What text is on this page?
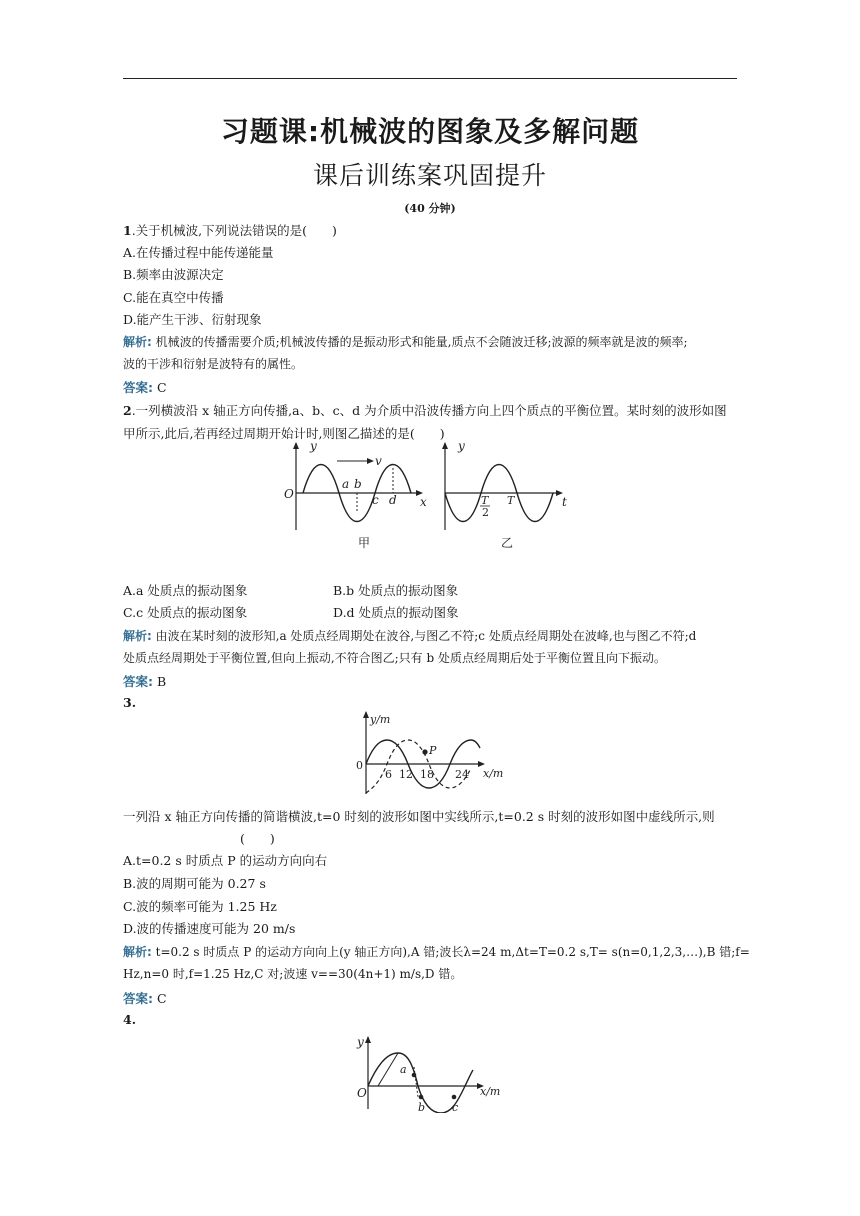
习题课:机械波的图象及多解问题
课后训练案巩固提升
(40 分钟)
1.关于机械波,下列说法错误的是(　　)
A.在传播过程中能传递能量
B.频率由波源决定
C.能在真空中传播
D.能产生干涉、衍射现象
解析: 机械波的传播需要介质;机械波传播的是振动形式和能量,质点不会随波迁移;波源的频率就是波的频率;
波的干涉和衍射是波特有的属性。
答案: C
2.一列横波沿 x 轴正方向传播,a、b、c、d 为介质中沿波传播方向上四个质点的平衡位置。某时刻的波形如图
甲所示,此后,若再经过周期开始计时,则图乙描述的是(　　)
y
O
x
v
a b
c d
y
t
T
2
T
甲	乙
A.a 处质点的振动图象	B.b 处质点的振动图象
C.c 处质点的振动图象	D.d 处质点的振动图象
解析: 由波在某时刻的波形知,a 处质点经周期处在波谷,与图乙不符;c 处质点经周期处在波峰,也与图乙不符;d
处质点经周期处于平衡位置,但向上振动,不符合图乙;只有 b 处质点经周期后处于平衡位置且向下振动。
答案: B
3.
y/m
0
P
6 12 18 24 x/m
一列沿 x 轴正方向传播的简谐横波,t=0 时刻的波形如图中实线所示,t=0.2 s 时刻的波形如图中虚线所示,则
(　　)
A.t=0.2 s 时质点 P 的运动方向向右
B.波的周期可能为 0.27 s
C.波的频率可能为 1.25 Hz
D.波的传播速度可能为 20 m/s
解析: t=0.2 s 时质点 P 的运动方向向上(y 轴正方向),A 错;波长λ=24 m,Δt=T=0.2 s,T= s(n=0,1,2,3,…),B 错;f=
Hz,n=0 时,f=1.25 Hz,C 对;波速 v==30(4n+1) m/s,D 错。
答案: C
4.
y
O
a
b c
x/m
